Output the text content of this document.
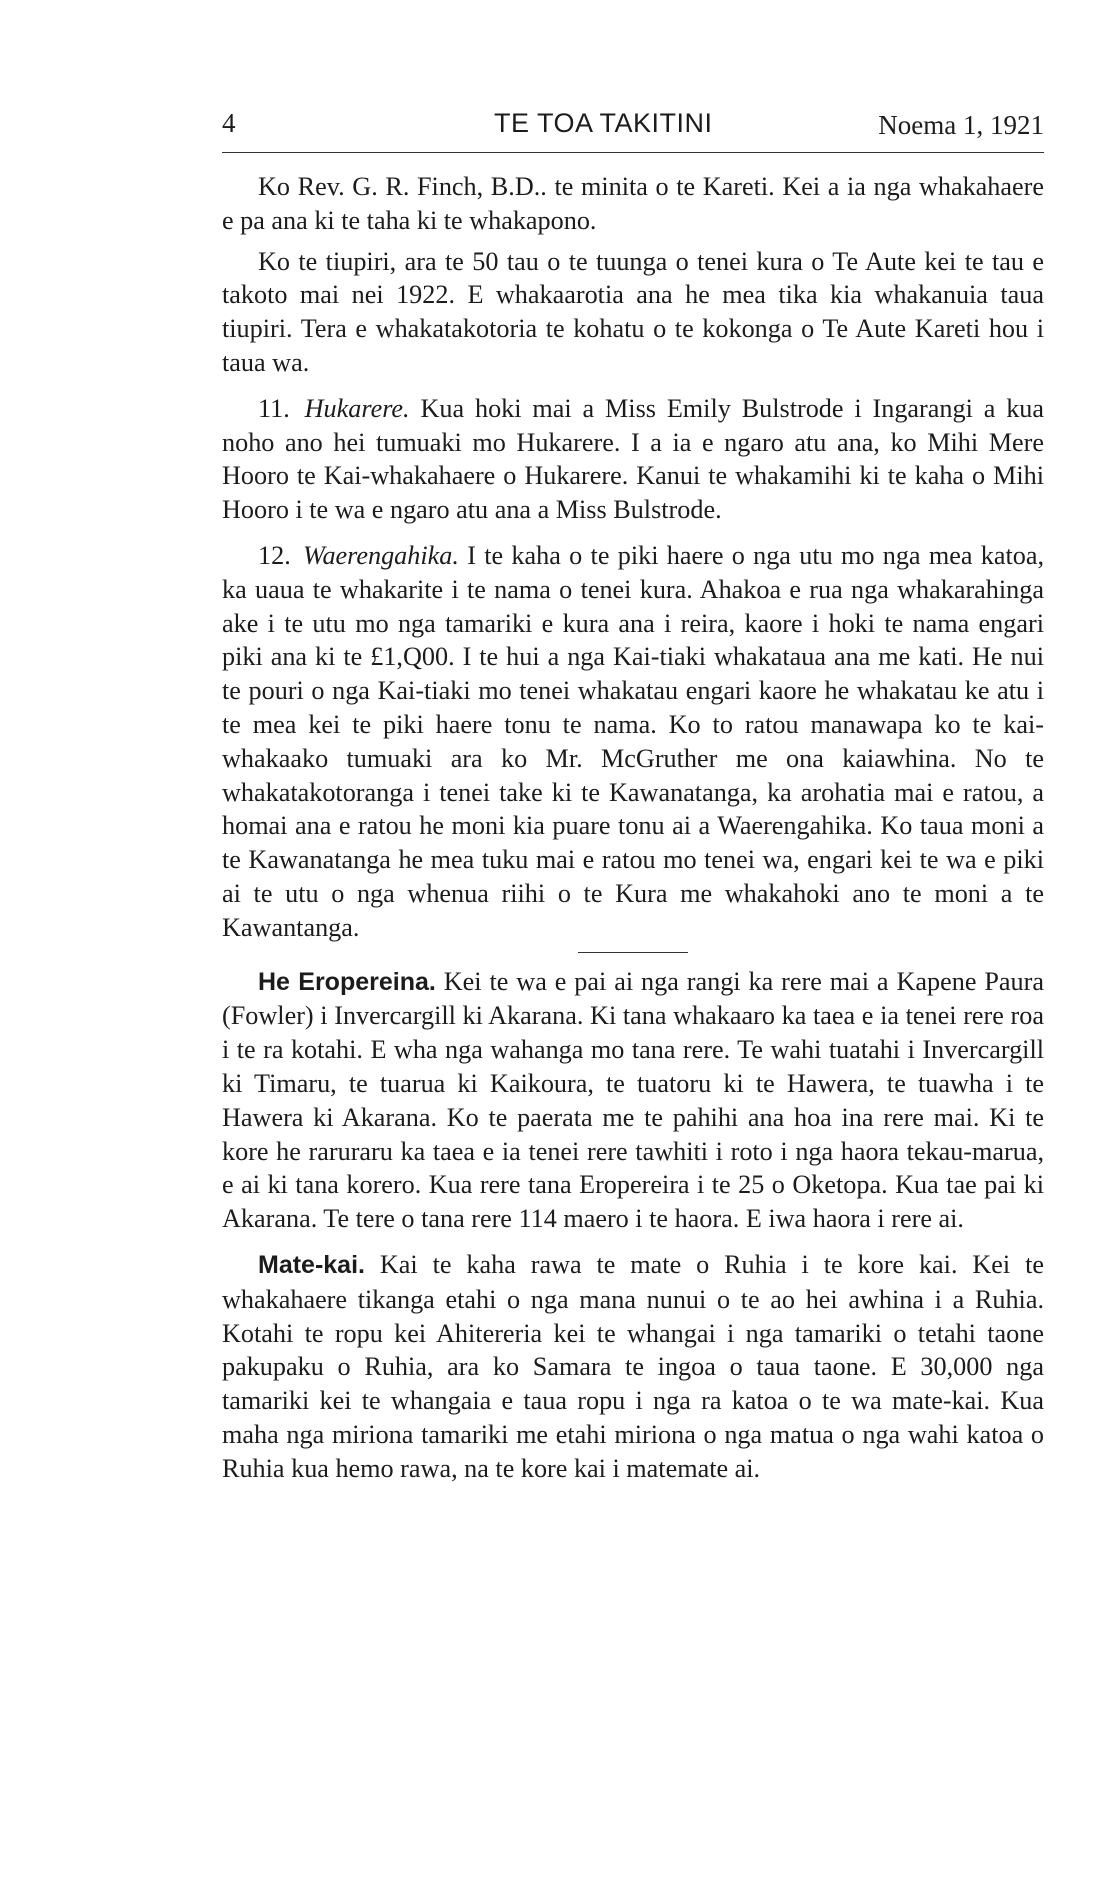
4	TE TOA TAKITINI	Noema 1, 1921

Ko Rev. G. R. Finch, B.D.. te minita o te Kareti. Kei a ia nga whakahaere e pa ana ki te taha ki te whakapono.

Ko te tiupiri, ara te 50 tau o te tuunga o tenei kura o Te Aute kei te tau e takoto mai nei 1922. E whakaarotia ana he mea tika kia whakanuia taua tiupiri. Tera e whakatakotoria te kohatu o te kokonga o Te Aute Kareti hou i taua wa.

11. Hukarere. Kua hoki mai a Miss Emily Bulstrode i Ingarangi a kua noho ano hei tumuaki mo Hukarere. I a ia e ngaro atu ana, ko Mihi Mere Hooro te Kai-whakahaere o Hukarere. Kanui te whakamihi ki te kaha o Mihi Hooro i te wa e ngaro atu ana a Miss Bulstrode.

12. Waerengahika. I te kaha o te piki haere o nga utu mo nga mea katoa, ka uaua te whakarite i te nama o tenei kura. Ahakoa e rua nga whakarahinga ake i te utu mo nga tamariki e kura ana i reira, kaore i hoki te nama engari piki ana ki te £1,Q00. I te hui a nga Kai-tiaki whakataua ana me kati. He nui te pouri o nga Kai-tiaki mo tenei whakatau engari kaore he whakatau ke atu i te mea kei te piki haere tonu te nama. Ko to ratou manawapa ko te kai-whakaako tumuaki ara ko Mr. McGruther me ona kaiawhina. No te whakatakotoranga i tenei take ki te Kawanatanga, ka arohatia mai e ratou, a homai ana e ratou he moni kia puare tonu ai a Waerengahika. Ko taua moni a te Kawanatanga he mea tuku mai e ratou mo tenei wa, engari kei te wa e piki ai te utu o nga whenua riihi o te Kura me whakahoki ano te moni a te Kawantanga.

He Eropereina. Kei te wa e pai ai nga rangi ka rere mai a Kapene Paura (Fowler) i Invercargill ki Akarana. Ki tana whakaaro ka taea e ia tenei rere roa i te ra kotahi. E wha nga wahanga mo tana rere. Te wahi tuatahi i Invercargill ki Timaru, te tuarua ki Kaikoura, te tuatoru ki te Hawera, te tuawha i te Hawera ki Akarana. Ko te paerata me te pahihi ana hoa ina rere mai. Ki te kore he raruraru ka taea e ia tenei rere tawhiti i roto i nga haora tekau-marua, e ai ki tana korero. Kua rere tana Eropereira i te 25 o Oketopa. Kua tae pai ki Akarana. Te tere o tana rere 114 maero i te haora. E iwa haora i rere ai.

Mate-kai. Kai te kaha rawa te mate o Ruhia i te kore kai. Kei te whakahaere tikanga etahi o nga mana nunui o te ao hei awhina i a Ruhia. Kotahi te ropu kei Ahitereria kei te whangai i nga tamariki o tetahi taone pakupaku o Ruhia, ara ko Samara te ingoa o taua taone. E 30,000 nga tamariki kei te whangaia e taua ropu i nga ra katoa o te wa mate-kai. Kua maha nga miriona tamariki me etahi miriona o nga matua o nga wahi katoa o Ruhia kua hemo rawa, na te kore kai i matemate ai.
